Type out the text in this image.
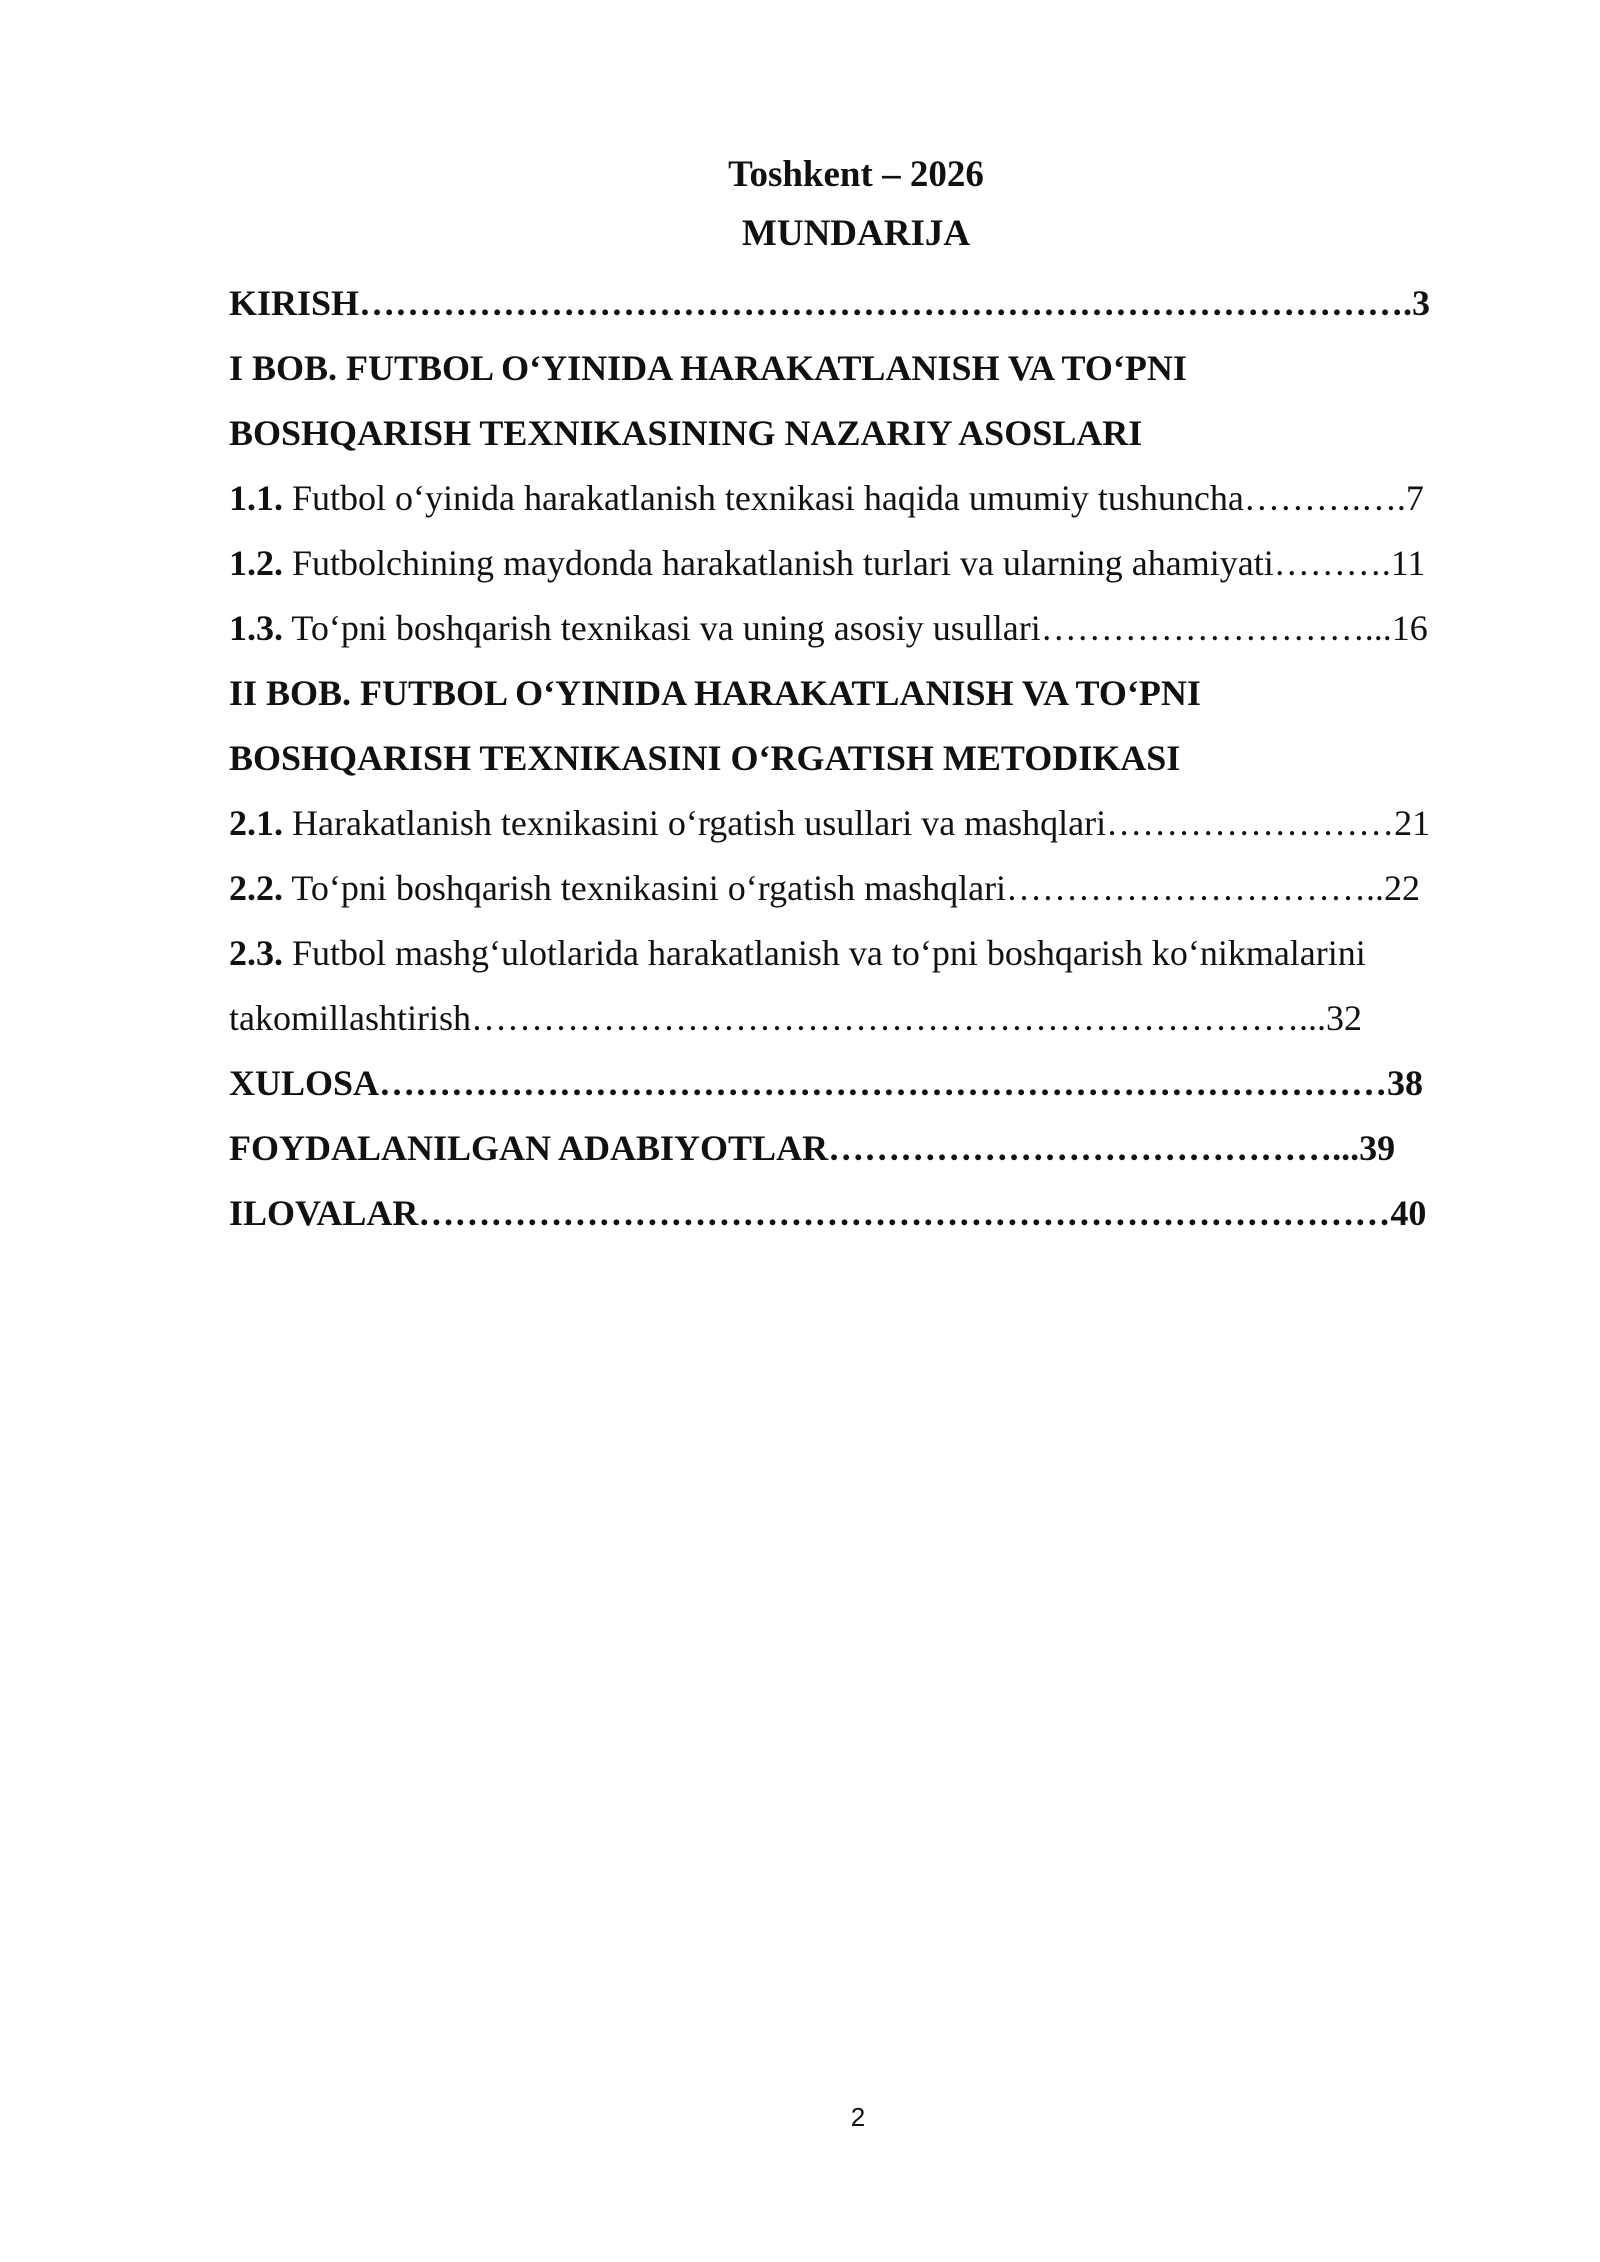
Toshkent – 2026
MUNDARIJA
KIRISH…………………………………………………………………………….3
I BOB. FUTBOL O‘YINIDA HARAKATLANISH VA TO‘PNI
BOSHQARISH TEXNIKASINING NAZARIY ASOSLARI
1.1. Futbol o‘yinida harakatlanish texnikasi haqida umumiy tushuncha……….….7
1.2. Futbolchining maydonda harakatlanish turlari va ularning ahamiyati……….11
1.3. To‘pni boshqarish texnikasi va uning asosiy usullari………………………...16
II BOB. FUTBOL O‘YINIDA HARAKATLANISH VA TO‘PNI
BOSHQARISH TEXNIKASINI O‘RGATISH METODIKASI
2.1. Harakatlanish texnikasini o‘rgatish usullari va mashqlari……………………21
2.2. To‘pni boshqarish texnikasini o‘rgatish mashqlari…………………………..22
2.3. Futbol mashg‘ulotlarida harakatlanish va to‘pni boshqarish ko‘nikmalarini
takomillashtirish……………………………………………………………...32
XULOSA…………………………………………………………………………38
FOYDALANILGAN ADABIYOTLAR……………………………………...39
ILOVALAR………………………………………………………………………40
2
